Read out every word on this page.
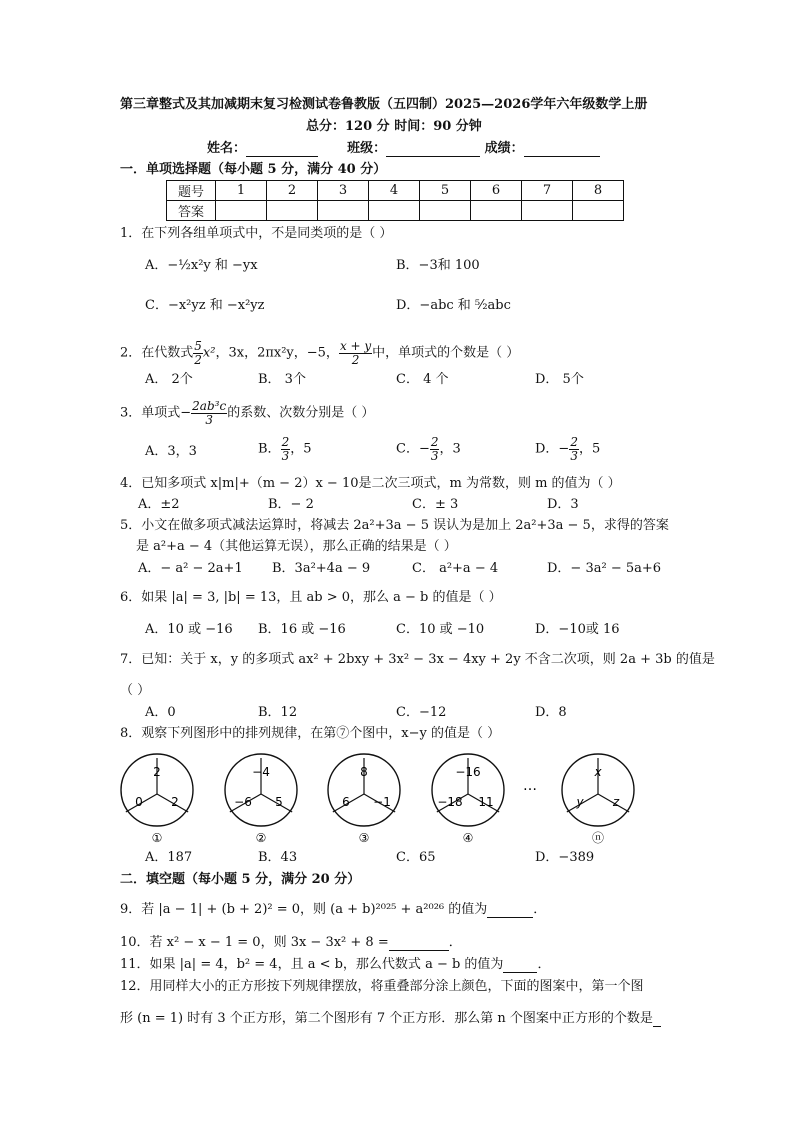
第三章整式及其加减期末复习检测试卷鲁教版（五四制）2025—2026学年六年级数学上册
总分：120 分 时间：90 分钟
姓名：	班级：	成绩：
一．单项选择题（每小题 5 分，满分 40 分）
题号	1	2	3	4	5	6	7	8
答案								
1．在下列各组单项式中，不是同类项的是（ ）
A．−½x²y 和 −yx	B．−3和 100
C．−x²yz 和 −x²yz	D．−abc 和 ⁵⁄₂abc
2．在代数式 $\frac{5}{2} x^2$，3x，2πx²y，−5， $\frac{x + y}{2}$ 中，单项式的个数是（ ）
A． 2个	B． 3个	C． 4 个	D． 5个
3．单项式− $\frac{\text{2ab³c}}{3}$ 的系数、次数分别是（ ）
A．3，3	B． $\frac{2}{3}$ ，5	C．− $\frac{2}{3}$ ，3	D．− $\frac{2}{3}$ ，5
4．已知多项式 x|m|+（m − 2）x − 10是二次三项式，m 为常数，则 m 的值为（ ）
A．±2	B．− 2	C．± 3	D．3
5．小文在做多项式减法运算时，将减去 2a²+3a − 5 误认为是加上 2a²+3a − 5，求得的答案
是 a²+a − 4（其他运算无误），那么正确的结果是（ ）
A．− a² − 2a+1 B．3a²+4a − 9	C． a²+a − 4	D．− 3a² − 5a+6
6．如果 |a| = 3, |b| = 13，且 ab > 0，那么 a − b 的值是（ ）
A．10 或 −16 B．16 或 −16	C．10 或 −10	D．−10或 16
7．已知：关于 x，y 的多项式 ax² + 2bxy + 3x² − 3x − 4xy + 2y 不含二次项，则 2a + 3b 的值是
（ ）
A．0	B．12	C．−12	D．8
8．观察下列图形中的排列规律，在第⑦个图中，x−y 的值是（ ）
2
0 2
①
−4
−6 5
②
8
6 −1
③
−16
−18 11
④
x
y z
ⓝ
…
A．187	B．43	C．65	D．−389
二．填空题（每小题 5 分，满分 20 分）
9．若 |a − 1| + (b + 2)² = 0，则 (a + b)²⁰²⁵ + a²⁰²⁶ 的值为	．
10．若 x² − x − 1 = 0，则 3x − 3x² + 8 =	．
11．如果 |a| = 4，b² = 4，且 a < b，那么代数式 a − b 的值为	．
12．用同样大小的正方形按下列规律摆放，将重叠部分涂上颜色，下面的图案中，第一个图
形 (n = 1) 时有 3 个正方形，第二个图形有 7 个正方形．那么第 n 个图案中正方形的个数是
